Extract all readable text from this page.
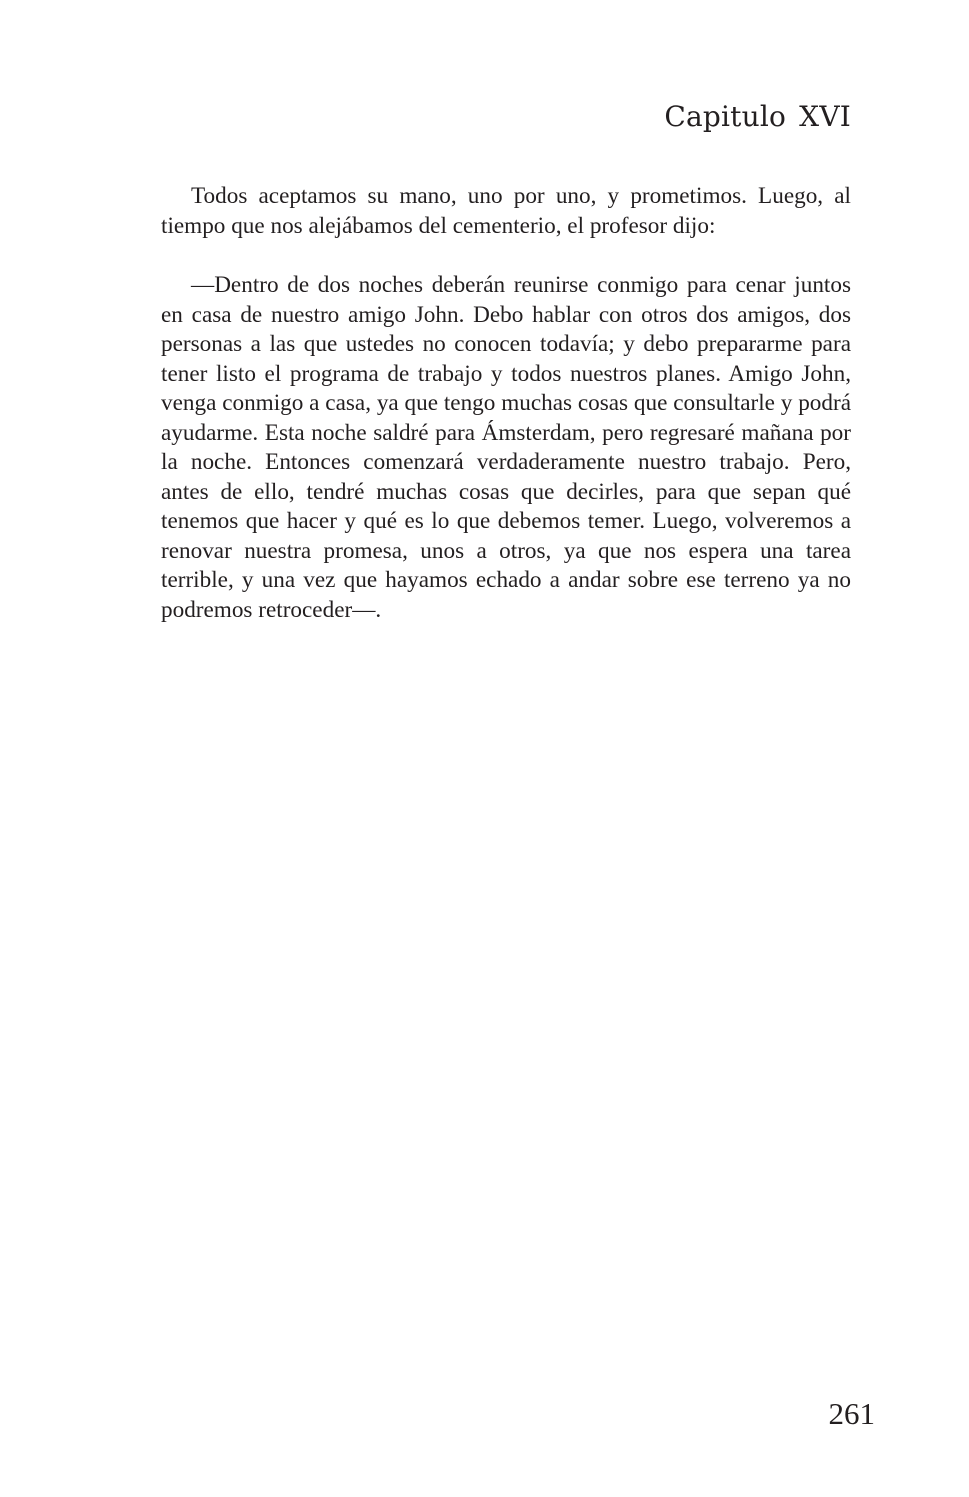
Capitulo XVI

Todos aceptamos su mano, uno por uno, y prometimos. Luego, al tiempo que nos alejábamos del cementerio, el profesor dijo:

—Dentro de dos noches deberán reunirse conmigo para cenar juntos en casa de nuestro amigo John. Debo hablar con otros dos amigos, dos personas a las que ustedes no conocen todavía; y debo prepararme para tener listo el programa de trabajo y todos nuestros planes. Amigo John, venga conmigo a casa, ya que tengo muchas cosas que consultarle y podrá ayudarme. Esta noche saldré para Ámsterdam, pero regresaré mañana por la noche. Entonces comenzará verdaderamente nuestro trabajo. Pero, antes de ello, tendré muchas cosas que decirles, para que sepan qué tenemos que hacer y qué es lo que debemos temer. Luego, volveremos a renovar nuestra promesa, unos a otros, ya que nos espera una tarea terrible, y una vez que hayamos echado a andar sobre ese terreno ya no podremos retroceder—.

261
